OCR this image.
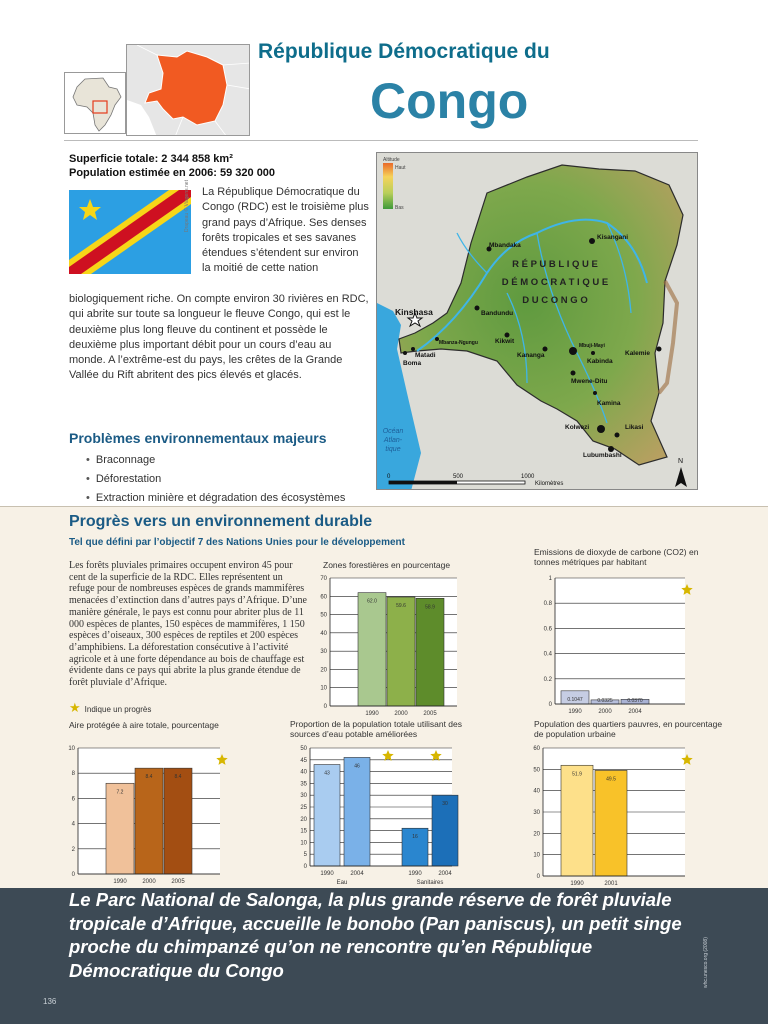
République Démocratique du
Congo
Superficie totale: 2 344 858 km²
Population estimée en 2006: 59 320 000
Drapeau © Viagens.net La République Démocratique du Congo (RDC) est le troisième plus grand pays d’Afrique. Ses denses forêts tropicales et ses savanes étendues s’étendent sur environ la moitié de cette nation

biologiquement riche. On compte environ 30 rivières en RDC, qui abrite sur toute sa longueur le fleuve Congo, qui est le deuxième plus long fleuve du continent et possède le deuxième plus important débit pour un cours d’eau au monde. A l’extrême-est du pays, les crêtes de la Grande Vallée du Rift abritent des pics élevés et glacés.

Problèmes environnementaux majeurs
• Braconnage
• Déforestation
• Extraction minière et dégradation des écosystèmes
Altitude
Haut
Bas
R É P U B L I Q U E
D É M O C R A T I Q U E
D U C O N G O
Océan
Atlan-
tique
Kisangani
Mbandaka
Bandundu
Kinshasa
Mbanza-Ngungu
Matadi
Boma
Kikwit
Kananga
Mbuji-Mayi
Kabinda
Kalemie
Mwene-Ditu
Kamina
Kolwezi	Likasi
Lubumbashi
0	500	1000
Kilomètres
N
Progrès vers un environnement durable
Tel que défini par l’objectif 7 des Nations Unies pour le développement

Les forêts pluviales primaires occupent environ 45 pour cent de la superficie de la RDC. Elles représentent un refuge pour de nombreuses espèces de grands mammifères menacées d’extinction dans d’autres pays d’Afrique. D’une manière générale, le pays est connu pour abriter plus de 11 000 espèces de plantes, 150 espèces de mammifères, 1 150 espèces d’oiseaux, 300 espèces de reptiles et 200 espèces d’amphibiens. La déforestation consécutive à l’activité agricole et à une forte dépendance au bois de chauffage est évidente dans ce pays qui abrite la plus grande étendue de forêt pluviale d’Afrique.

★ Indique un progrès
Zones forestières en pourcentage
0
10
20
30
40
50
60
70
62.0
1990
59.6
2000
58.9
2005
Emissions de dioxyde de carbone (CO2) en tonnes métriques par habitant
0
0.2
0.4
0.6
0.8
1
0.1047
1990
0.0325
2000
0.0370
2004
Aire protégée à aire totale, pourcentage
0
2
4
6
8
10
7.2
1990
8.4
2000
8.4
2005
Proportion de la population totale utilisant des sources d’eau potable améliorées
0
5
10
15
20
25
30
35
40
45
50
43
1990
46
2004
16
1990
30
2004
Eau	Sanitaires
Population des quartiers pauvres, en pourcentage de population urbaine
0
10
20
30
40
50
60
51.9
1990
49.5
2001

Le Parc National de Salonga, la plus grande réserve de forêt pluviale tropicale d’Afrique, accueille le bonobo (Pan paniscus), un petit singe proche du chimpanzé qu’on ne rencontre qu’en République Démocratique du Congo	whc.unesco.org (2008)
136
